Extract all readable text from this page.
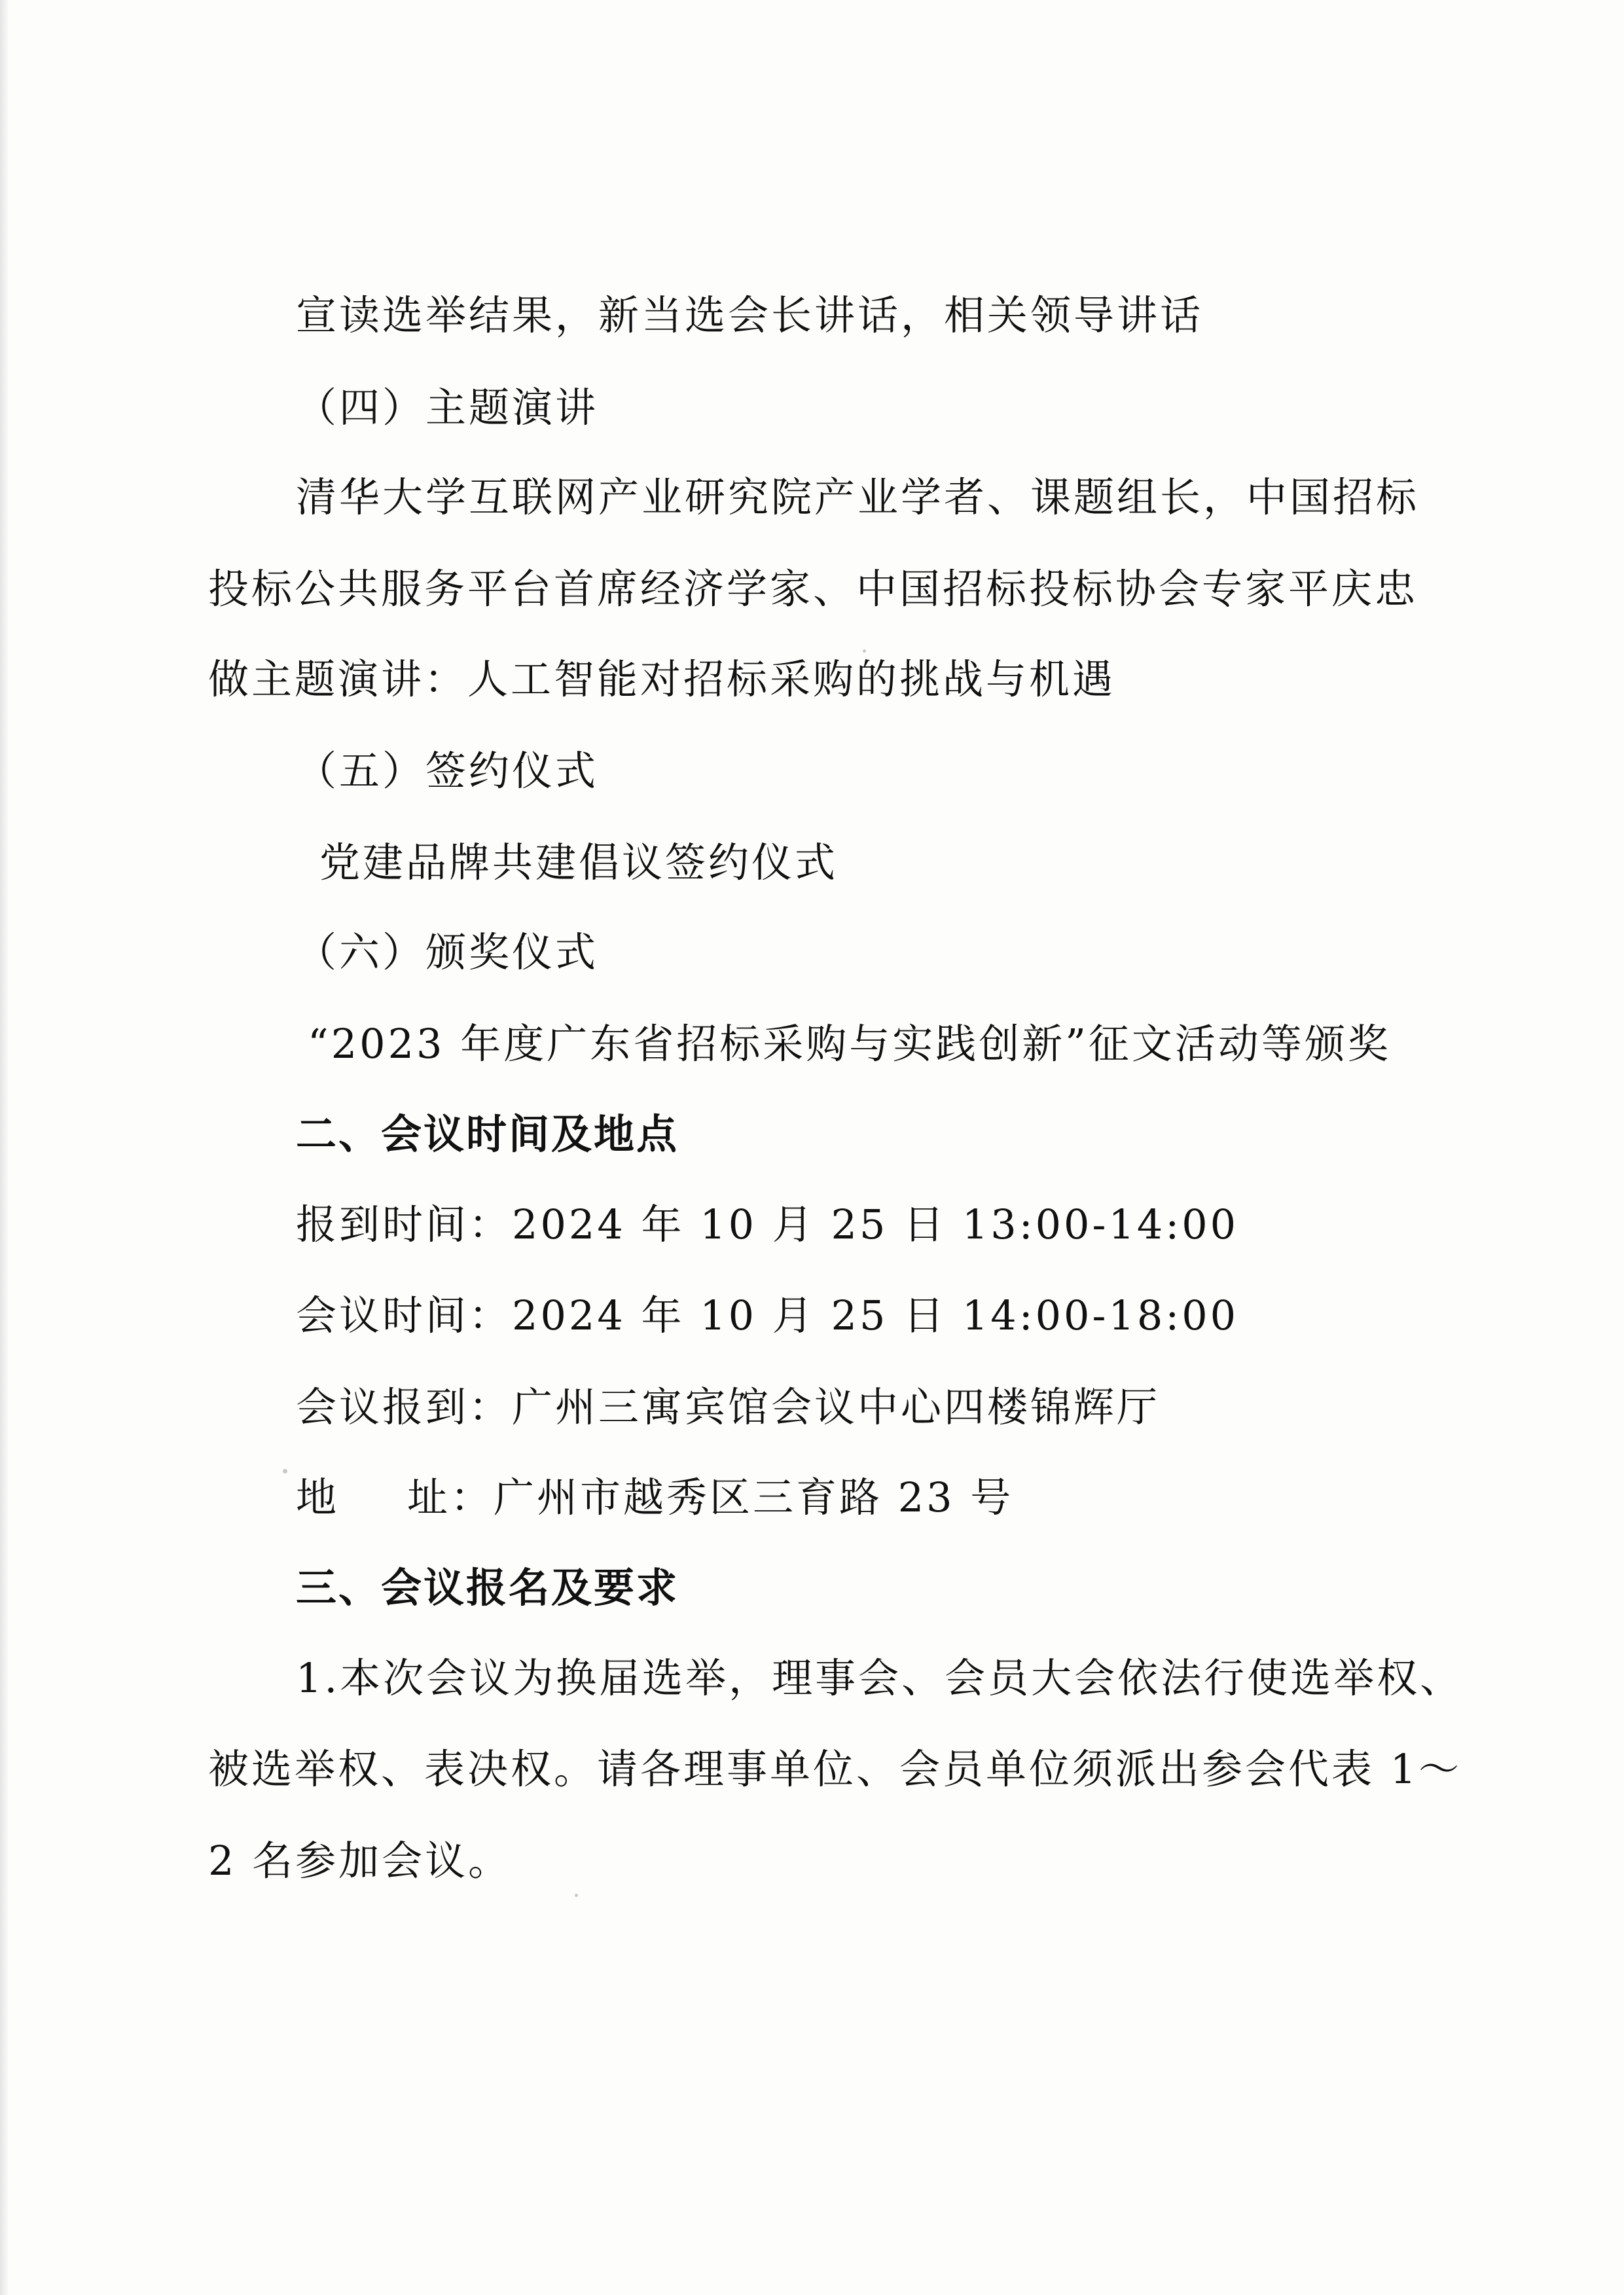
宣读选举结果，新当选会长讲话，相关领导讲话

（四）主题演讲

清华大学互联网产业研究院产业学者、课题组长，中国招标

投标公共服务平台首席经济学家、中国招标投标协会专家平庆忠

做主题演讲：人工智能对招标采购的挑战与机遇

（五）签约仪式

党建品牌共建倡议签约仪式

（六）颁奖仪式

“2023 年度广东省招标采购与实践创新”征文活动等颁奖

二、会议时间及地点

报到时间：2024 年 10 月 25 日 13:00-14:00

会议时间：2024 年 10 月 25 日 14:00-18:00

会议报到：广州三寓宾馆会议中心四楼锦辉厅

地 址：广州市越秀区三育路 23 号

三、会议报名及要求

1.本次会议为换届选举，理事会、会员大会依法行使选举权、

被选举权、表决权。请各理事单位、会员单位须派出参会代表 1～

2 名参加会议。
